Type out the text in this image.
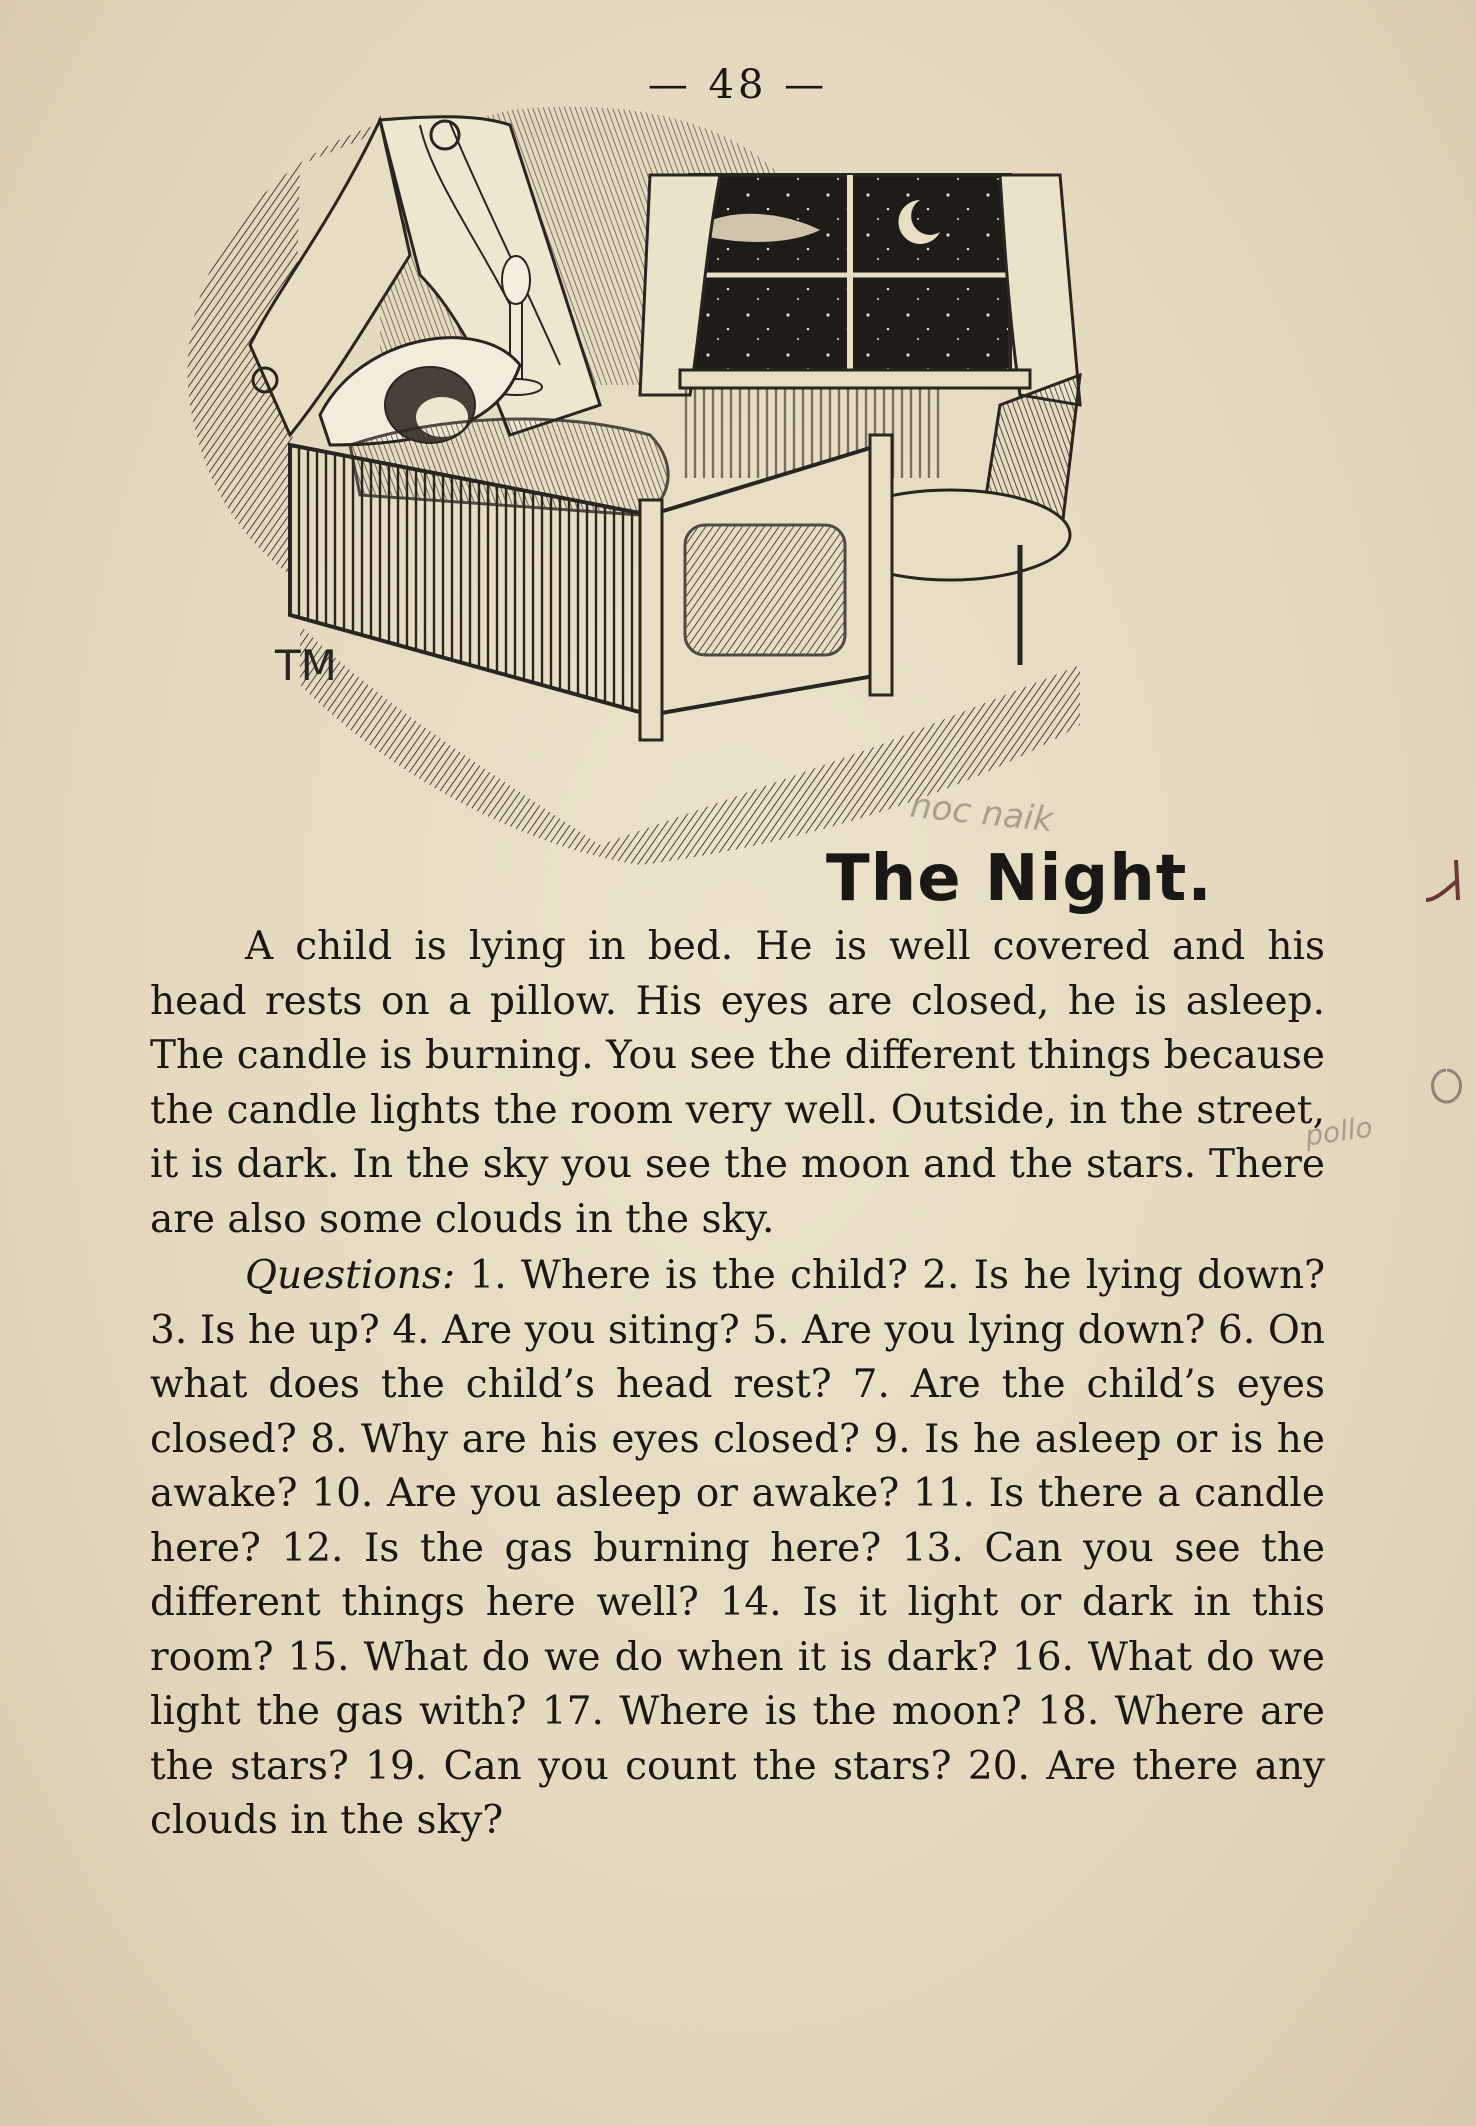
— 48 —
TM
noc naik
pollo
The Night.

A child is lying in bed. He is well covered and his head rests on a pillow. His eyes are closed, he is asleep. The candle is burning. You see the different things because the candle lights the room very well. Outside, in the street, it is dark. In the sky you see the moon and the stars. There are also some clouds in the sky.

Questions: 1. Where is the child? 2. Is he lying down? 3. Is he up? 4. Are you siting? 5. Are you lying down? 6. On what does the child’s head rest? 7. Are the child’s eyes closed? 8. Why are his eyes closed? 9. Is he asleep or is he awake? 10. Are you asleep or awake? 11. Is there a candle here? 12. Is the gas burning here? 13. Can you see the different things here well? 14. Is it light or dark in this room? 15. What do we do when it is dark? 16. What do we light the gas with? 17. Where is the moon? 18. Where are the stars? 19. Can you count the stars? 20. Are there any clouds in the sky?
